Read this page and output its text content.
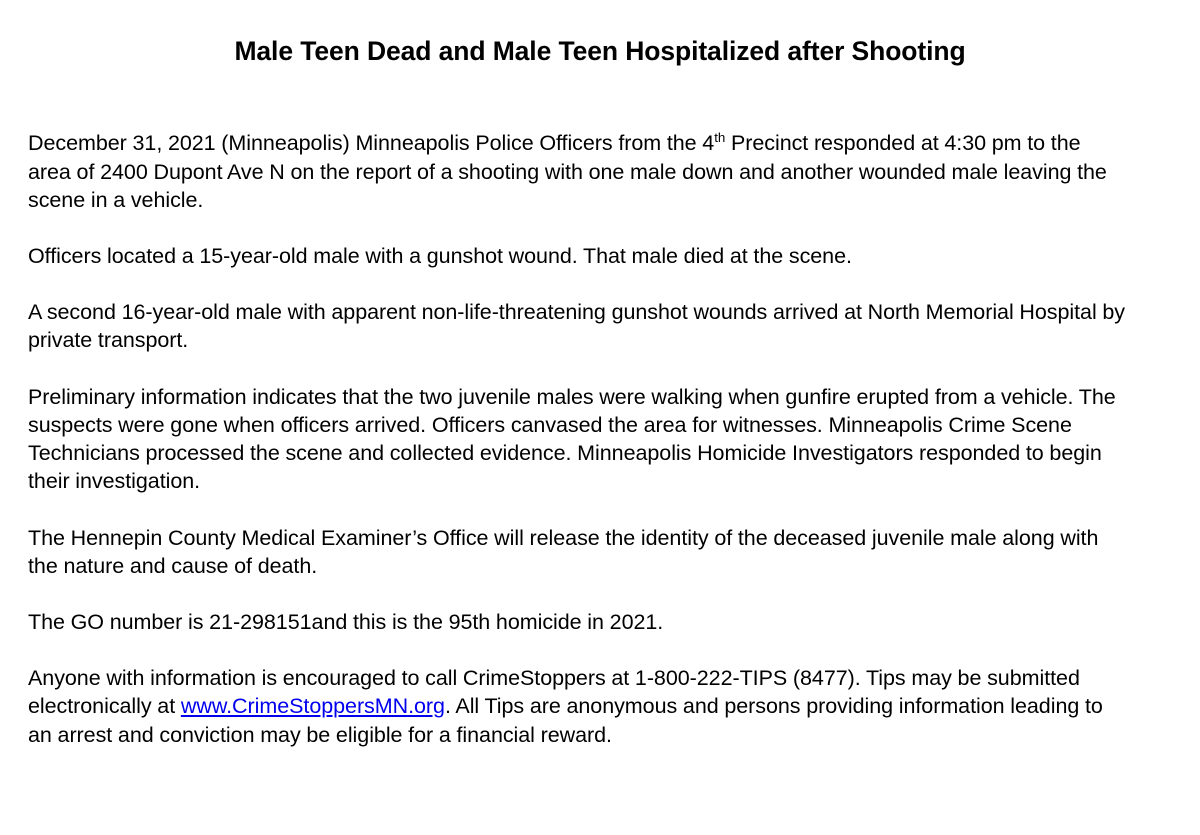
Male Teen Dead and Male Teen Hospitalized after Shooting

December 31, 2021 (Minneapolis) Minneapolis Police Officers from the 4th Precinct responded at 4:30 pm to the area of 2400 Dupont Ave N on the report of a shooting with one male down and another wounded male leaving the scene in a vehicle.

Officers located a 15-year-old male with a gunshot wound. That male died at the scene.

A second 16-year-old male with apparent non-life-threatening gunshot wounds arrived at North Memorial Hospital by private transport.

Preliminary information indicates that the two juvenile males were walking when gunfire erupted from a vehicle. The suspects were gone when officers arrived. Officers canvased the area for witnesses. Minneapolis Crime Scene Technicians processed the scene and collected evidence. Minneapolis Homicide Investigators responded to begin their investigation.

The Hennepin County Medical Examiner’s Office will release the identity of the deceased juvenile male along with the nature and cause of death.

The GO number is 21-298151and this is the 95th homicide in 2021.

Anyone with information is encouraged to call CrimeStoppers at 1-800-222-TIPS (8477). Tips may be submitted electronically at www.CrimeStoppersMN.org. All Tips are anonymous and persons providing information leading to an arrest and conviction may be eligible for a financial reward.
